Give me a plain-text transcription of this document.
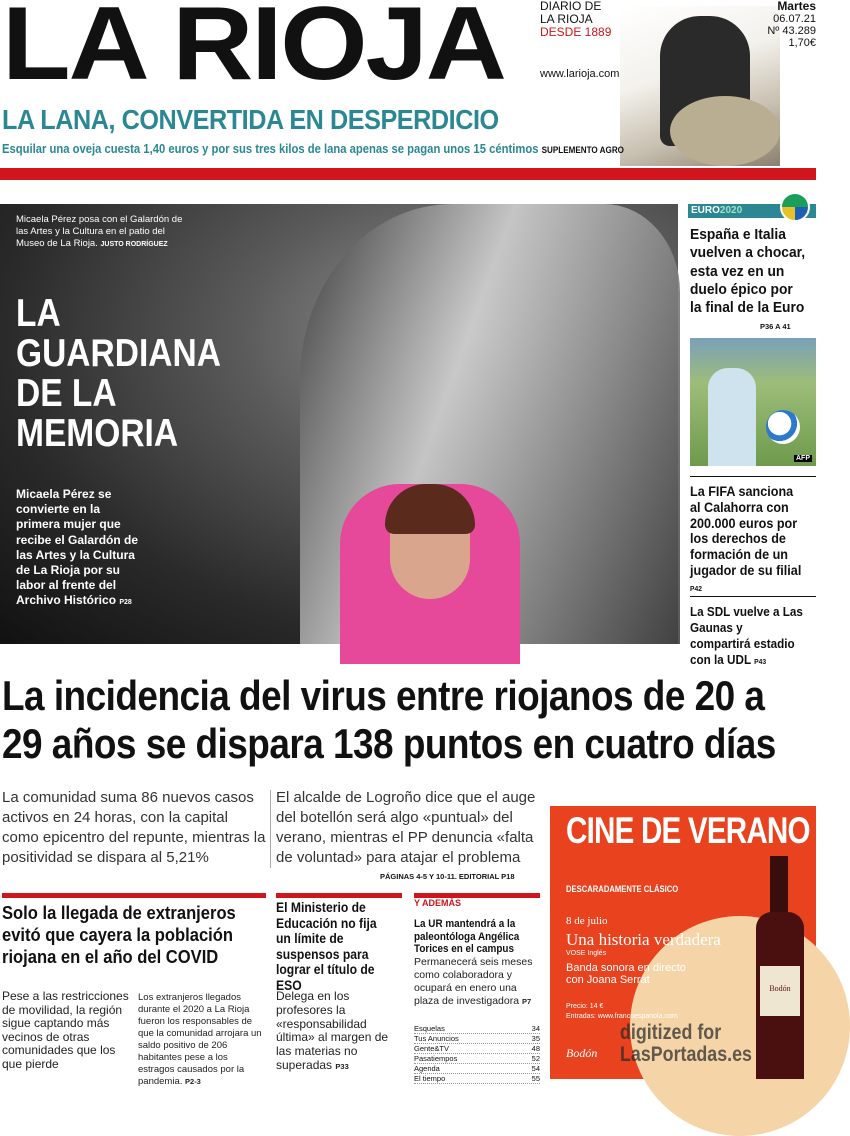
LA RIOJA	DIARIO DE
LA RIOJA
DESDE 1889
www.larioja.com
Martes
06.07.21
Nº 43.289
1,70€
LA LANA, CONVERTIDA EN DESPERDICIO
Esquilar una oveja cuesta 1,40 euros y por sus tres kilos de lana apenas se pagan unos 15 céntimos SUPLEMENTO AGRO
Micaela Pérez posa con el Galardón de las Artes y la Cultura en el patio del Museo de La Rioja. JUSTO RODRÍGUEZ
LA
GUARDIANA
DE LA
MEMORIA
Micaela Pérez se convierte en la primera mujer que recibe el Galardón de las Artes y la Cultura de La Rioja por su labor al frente del Archivo Histórico P28
EURO2020
España e Italia vuelven a chocar, esta vez en un duelo épico por la final de la Euro
P36 A 41
AFP
La FIFA sanciona al Calahorra con 200.000 euros por los derechos de formación de un jugador de su filial P42
La SDL vuelve a Las Gaunas y compartirá estadio con la UDL P43
La incidencia del virus entre riojanos de 20 a
29 años se dispara 138 puntos en cuatro días
La comunidad suma 86 nuevos casos activos en 24 horas, con la capital como epicentro del repunte, mientras la positividad se dispara al 5,21%
El alcalde de Logroño dice que el auge del botellón será algo «puntual» del verano, mientras el PP denuncia «falta de voluntad» para atajar el problema
PÁGINAS 4-5 Y 10-11. EDITORIAL P18
Solo la llegada de extranjeros evitó que cayera la población riojana en el año del COVID
Pese a las restricciones de movilidad, la región sigue captando más vecinos de otras comunidades que los que pierde
Los extranjeros llegados durante el 2020 a La Rioja fueron los responsables de que la comunidad arrojara un saldo positivo de 206 habitantes pese a los estragos causados por la pandemia. P2-3
El Ministerio de Educación no fija un límite de suspensos para lograr el título de ESO
Delega en los profesores la «responsabilidad última» al margen de las materias no superadas P33
Y ADEMÁS
La UR mantendrá a la paleontóloga Angélica Torices en el campus
Permanecerá seis meses como colaboradora y ocupará en enero una plaza de investigadora P7
Esquelas	34
Tus Anuncios	35
Gente&TV	48
Pasatiempos	52
Agenda	54
El tiempo	55
CINE DE VERANO
DESCARADAMENTE CLÁSICO
8 de julio
Una historia verdadera
VOSE Inglés
Banda sonora en directo
con Joana Serrat
Precio: 14 €
Entradas: www.francoespanola.com
Bodón
Bodón
digitized for
LasPortadas.es
